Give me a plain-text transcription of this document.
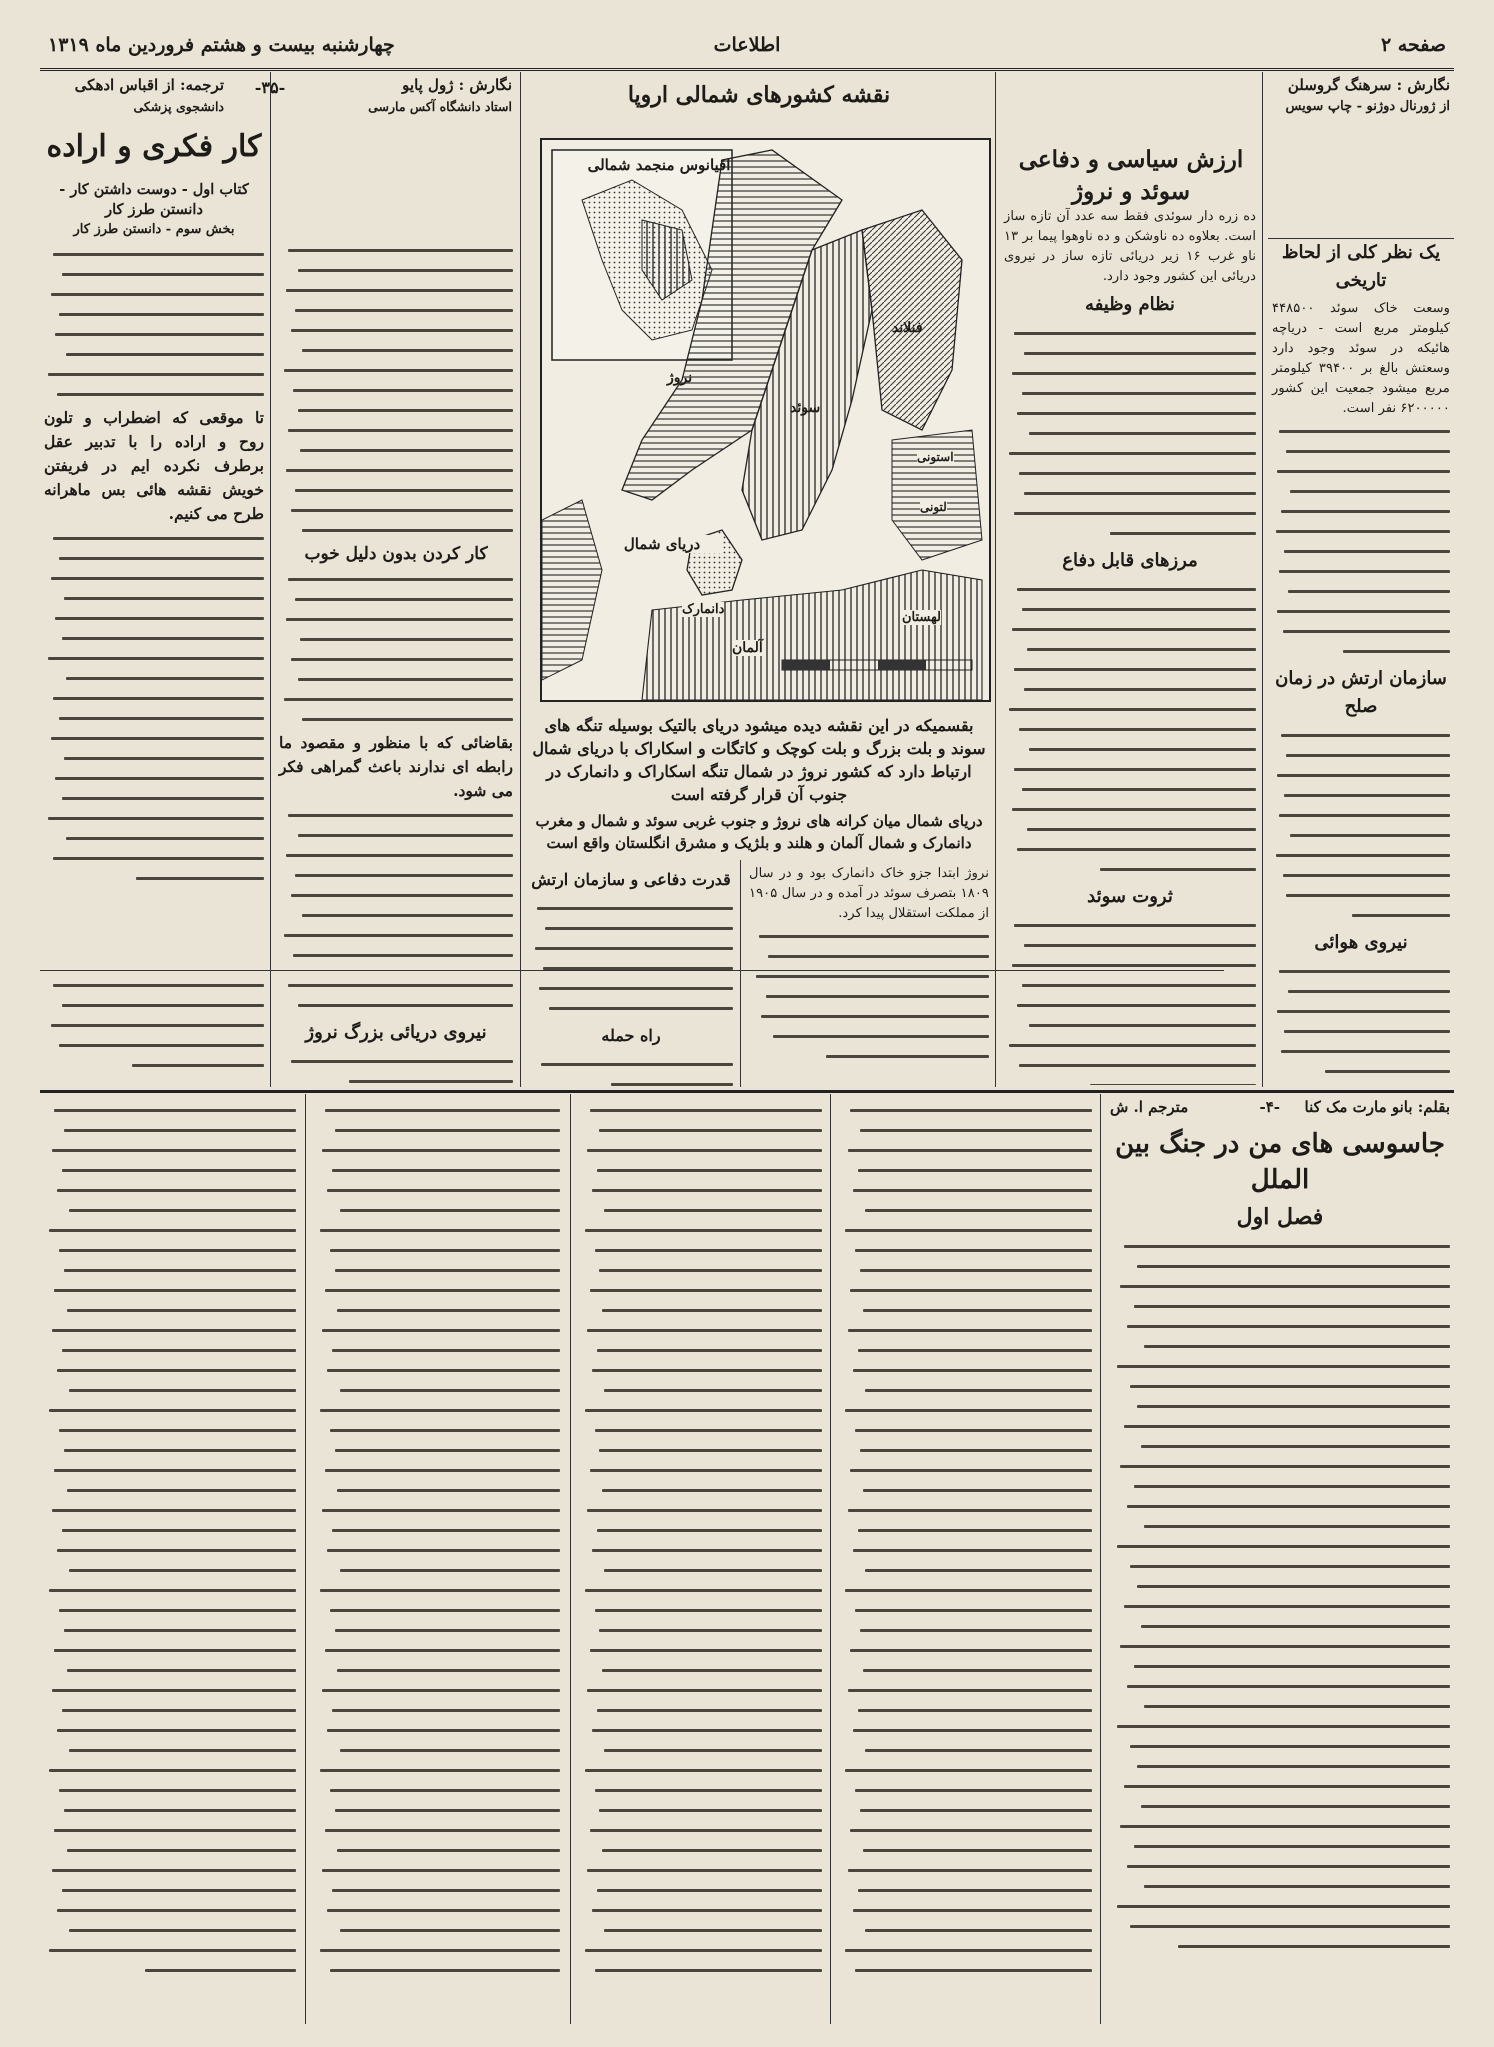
صفحه ۲
اطلاعات
چهارشنبه بیست و هشتم فروردین ماه ۱۳۱۹
نگارش : سرهنگ گروسلن
از ژورنال دوژنو - چاپ سویس
یک نظر کلی از لحاظ تاریخی
وسعت خاک سوئد ۴۴۸۵۰۰ کیلومتر مربع است - دریاچه هائیکه در سوئد وجود دارد وسعتش بالغ بر ۳۹۴۰۰ کیلومتر مربع میشود جمعیت این کشور ۶۲۰۰۰۰۰ نفر است.
سازمان ارتش در زمان صلح
نیروی هوائی
ارزش سیاسی و دفاعی سوئد و نروژ
ده زره دار سوئدی فقط سه عدد آن تازه ساز است. بعلاوه ده ناوشکن و ده ناوهوا پیما بر ۱۳ ناو غرب ۱۶ زیر دریائی تازه ساز در نیروی دریائی این کشور وجود دارد.
نظام وظیفه
مرزهای قابل دفاع
ثروت سوئد
نقشه کشورهای شمالی اروپا
اقیانوس منجمد شمالی
دریای شمال
نروژ
سوئد
فنلاند
دانمارک
آلمان
لهستان
استونی
لتونی
بقسمیکه در این نقشه دیده میشود دریای بالتیک بوسیله تنگه های سوند و بلت بزرگ و بلت کوچک و کاتگات و اسکاراک با دریای شمال ارتباط دارد که کشور نروژ در شمال تنگه اسکاراک و دانمارک در جنوب آن قرار گرفته است
دریای شمال میان کرانه های نروژ و جنوب غربی سوئد و شمال و مغرب دانمارک و شمال آلمان و هلند و بلژیک و مشرق انگلستان واقع است
نروژ ابتدا جزو خاک دانمارک بود و در سال ۱۸۰۹ بتصرف سوئد در آمده و در سال ۱۹۰۵ از مملکت استقلال پیدا کرد.
قدرت دفاعی و سازمان ارتش
راه حمله
نیروی دریائی بزرگ نروژ
نگارش : ژول پایو
استاد دانشگاه آکس مارسی
-۳۵-
ترجمه: از اقباس ادهکی
دانشجوی پزشکی
کار فکری و اراده
کتاب اول - دوست داشتن کار - دانستن طرز کار
بخش سوم - دانستن طرز کار
کار کردن بدون دلیل خوب
بقاضائی که با منظور و مقصود ما رابطه ای ندارند باعث گمراهی فکر می شود.
تا موقعی که اضطراب و تلون روح و اراده را با تدبیر عقل برطرف نکرده ایم در فریفتن خویش نقشه هائی بس ماهرانه طرح می کنیم.
بقلم: بانو مارت مک کنا
-۴-
مترجم ا. ش
جاسوسی های من در جنگ بین الملل
فصل اول
